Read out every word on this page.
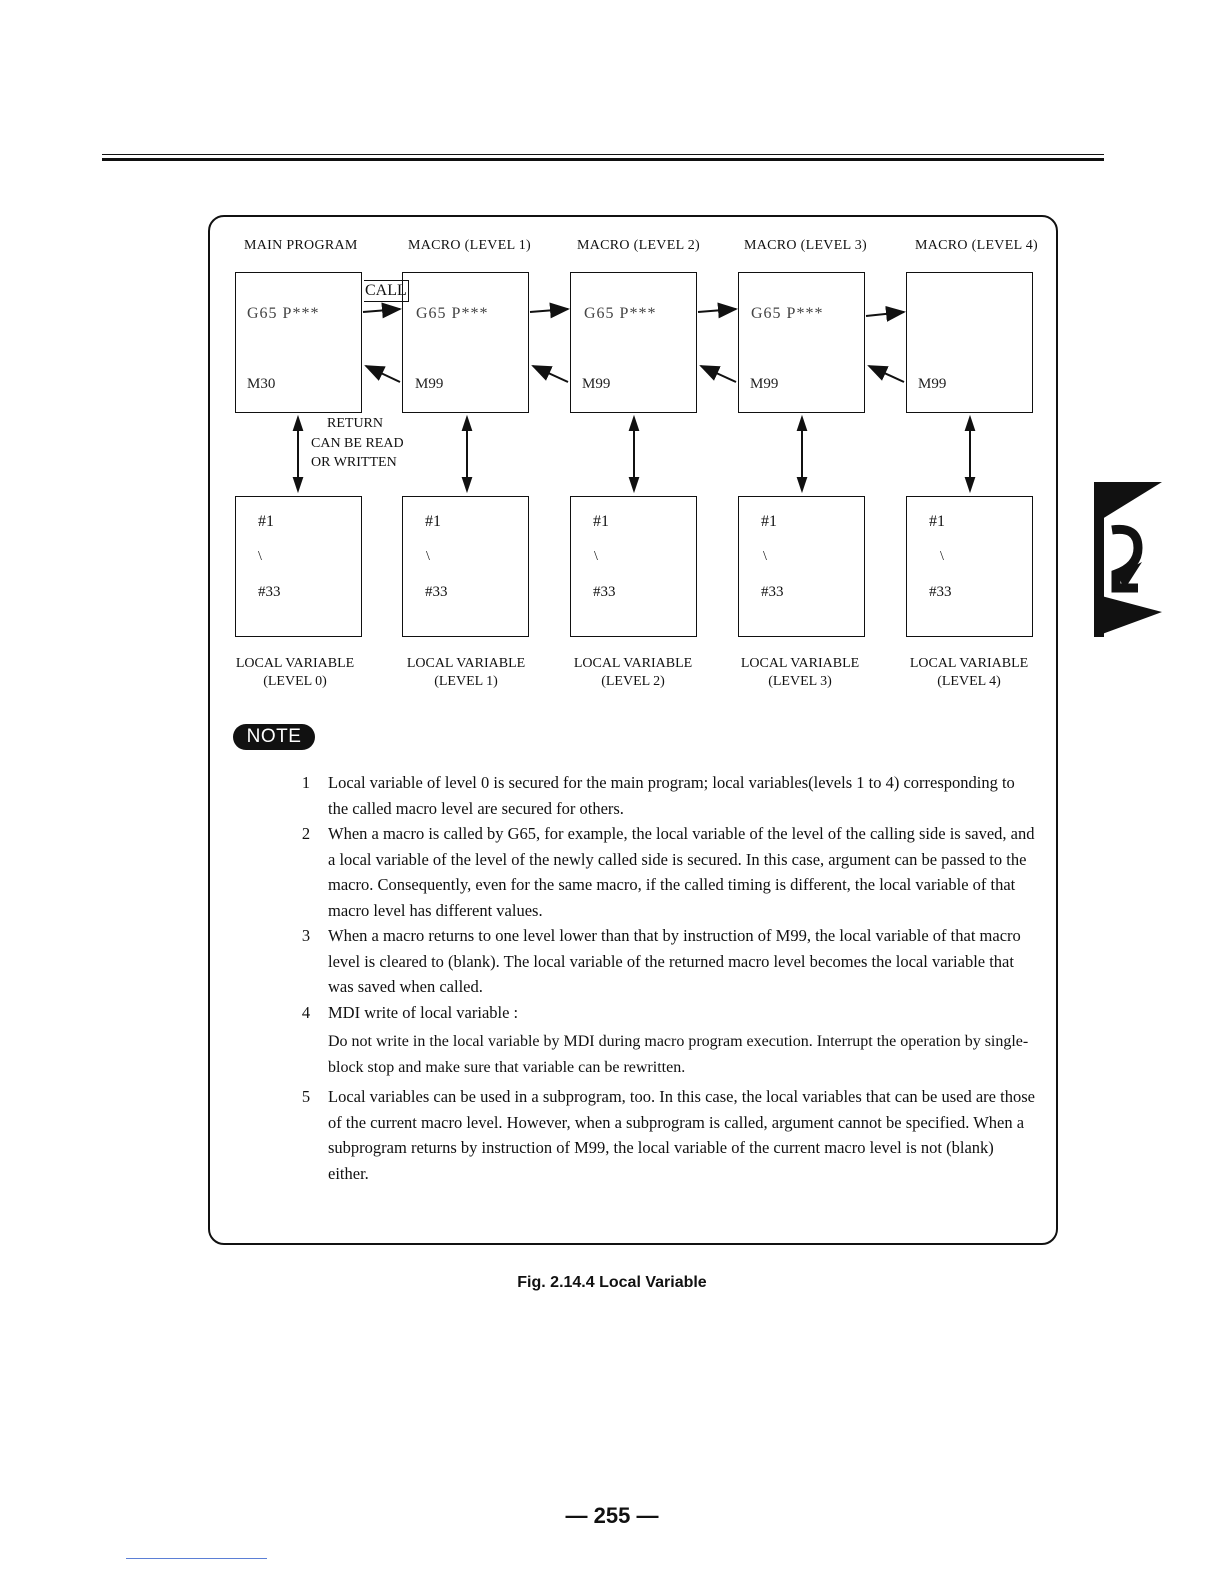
MAIN PROGRAM	MACRO (LEVEL 1)	MACRO (LEVEL 2)	MACRO (LEVEL 3)	MACRO (LEVEL 4)
G65 P***	G65 P***	G65 P***	G65 P***
M30	M99	M99	M99	M99
CALL
RETURN
CAN BE READ
OR WRITTEN
#1	#1	#1	#1	#1
\	\	\	\	\
#33	#33	#33	#33	#33
LOCAL VARIABLE
(LEVEL 0)
LOCAL VARIABLE
(LEVEL 1)
LOCAL VARIABLE
(LEVEL 2)
LOCAL VARIABLE
(LEVEL 3)
LOCAL VARIABLE
(LEVEL 4)
NOTE
1	Local variable of level 0 is secured for the main program; local variables(levels 1 to 4) corresponding to the called macro level are secured for others.
2	When a macro is called by G65, for example, the local variable of the level of the calling side is saved, and a local variable of the level of the newly called side is secured. In this case, argument can be passed to the macro. Consequently, even for the same macro, if the called timing is different, the local variable of that macro level has different values.
3	When a macro returns to one level lower than that by instruction of M99, the local variable of that macro level is cleared to (blank). The local variable of the returned macro level becomes the local variable that was saved when called.
4	MDI write of local variable :
Do not write in the local variable by MDI during macro program execution. Interrupt the operation by single-block stop and make sure that variable can be rewritten.
5	Local variables can be used in a subprogram, too. In this case, the local variables that can be used are those of the current macro level. However, when a subprogram is called, argument cannot be specified. When a subprogram returns by instruction of M99, the local variable of the current macro level is not (blank) either.
Fig. 2.14.4 Local Variable
— 255 —
